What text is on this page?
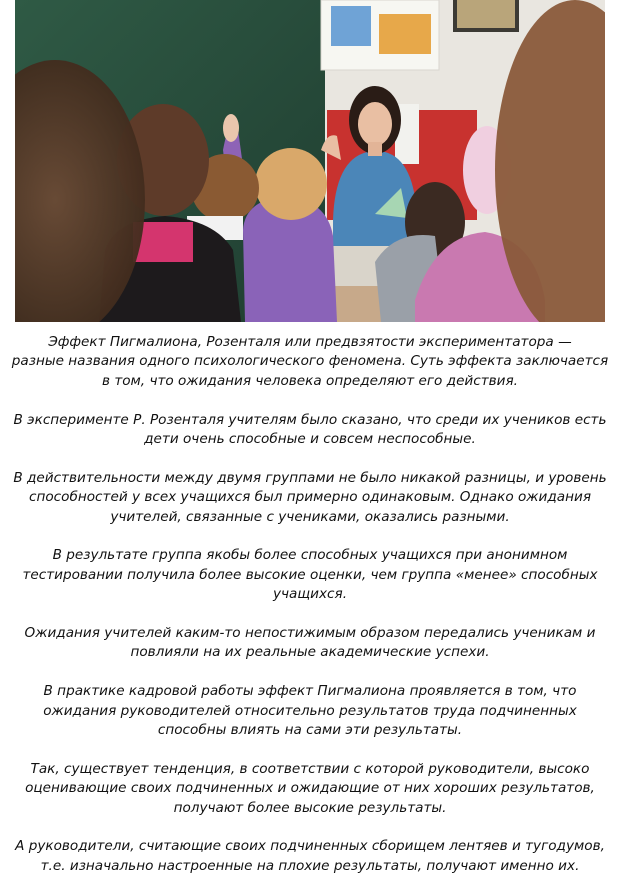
Эффект Пигмалиона, Розенталя или предвзятости экспериментатора —
разные названия одного психологического феномена. Суть эффекта заключается
в том, что ожидания человека определяют его действия.

В эксперименте Р. Розенталя учителям было сказано, что среди их учеников есть
дети очень способные и совсем неспособные.

В действительности между двумя группами не было никакой разницы, и уровень
способностей у всех учащихся был примерно одинаковым. Однако ожидания
учителей, связанные с учениками, оказались разными.

В результате группа якобы более способных учащихся при анонимном
тестировании получила более высокие оценки, чем группа «менее» способных
учащихся.

Ожидания учителей каким-то непостижимым образом передались ученикам и
повлияли на их реальные академические успехи.

В практике кадровой работы эффект Пигмалиона проявляется в том, что
ожидания руководителей относительно результатов труда подчиненных
способны влиять на сами эти результаты.

Так, существует тенденция, в соответствии с которой руководители, высоко
оценивающие своих подчиненных и ожидающие от них хороших результатов,
получают более высокие результаты.

А руководители, считающие своих подчиненных сборищем лентяев и тугодумов,
т.е. изначально настроенные на плохие результаты, получают именно их.
